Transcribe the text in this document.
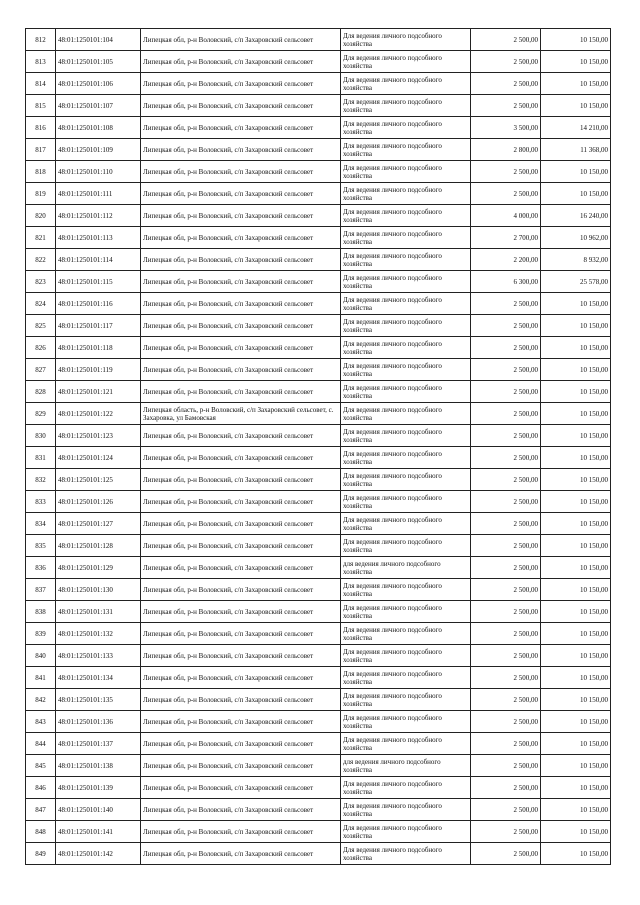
812	48:01:1250101:104	Липецкая обл, р-н Воловский, с/п Захаровский сельсовет	Для ведения личного подсобного хозяйства	2 500,00	10 150,00
813	48:01:1250101:105	Липецкая обл, р-н Воловский, с/п Захаровский сельсовет	Для ведения личного подсобного хозяйства	2 500,00	10 150,00
814	48:01:1250101:106	Липецкая обл, р-н Воловский, с/п Захаровский сельсовет	Для ведения личного подсобного хозяйства	2 500,00	10 150,00
815	48:01:1250101:107	Липецкая обл, р-н Воловский, с/п Захаровский сельсовет	Для ведения личного подсобного хозяйства	2 500,00	10 150,00
816	48:01:1250101:108	Липецкая обл, р-н Воловский, с/п Захаровский сельсовет	Для ведения личного подсобного хозяйства	3 500,00	14 210,00
817	48:01:1250101:109	Липецкая обл, р-н Воловский, с/п Захаровский сельсовет	Для ведения личного подсобного хозяйства	2 800,00	11 368,00
818	48:01:1250101:110	Липецкая обл, р-н Воловский, с/п Захаровский сельсовет	Для ведения личного подсобного хозяйства	2 500,00	10 150,00
819	48:01:1250101:111	Липецкая обл, р-н Воловский, с/п Захаровский сельсовет	Для ведения личного подсобного хозяйства	2 500,00	10 150,00
820	48:01:1250101:112	Липецкая обл, р-н Воловский, с/п Захаровский сельсовет	Для ведения личного подсобного хозяйства	4 000,00	16 240,00
821	48:01:1250101:113	Липецкая обл, р-н Воловский, с/п Захаровский сельсовет	Для ведения личного подсобного хозяйства	2 700,00	10 962,00
822	48:01:1250101:114	Липецкая обл, р-н Воловский, с/п Захаровский сельсовет	Для ведения личного подсобного хозяйства	2 200,00	8 932,00
823	48:01:1250101:115	Липецкая обл, р-н Воловский, с/п Захаровский сельсовет	Для ведения личного подсобного хозяйства	6 300,00	25 578,00
824	48:01:1250101:116	Липецкая обл, р-н Воловский, с/п Захаровский сельсовет	Для ведения личного подсобного хозяйства	2 500,00	10 150,00
825	48:01:1250101:117	Липецкая обл, р-н Воловский, с/п Захаровский сельсовет	Для ведения личного подсобного хозяйства	2 500,00	10 150,00
826	48:01:1250101:118	Липецкая обл, р-н Воловский, с/п Захаровский сельсовет	Для ведения личного подсобного хозяйства	2 500,00	10 150,00
827	48:01:1250101:119	Липецкая обл, р-н Воловский, с/п Захаровский сельсовет	Для ведения личного подсобного хозяйства	2 500,00	10 150,00
828	48:01:1250101:121	Липецкая обл, р-н Воловский, с/п Захаровский сельсовет	Для ведения личного подсобного хозяйства	2 500,00	10 150,00
829	48:01:1250101:122	Липецкая область, р-н Воловский, с/п Захаровский сельсовет, с. Захаровка, ул Бамовская	Для ведения личного подсобного хозяйства	2 500,00	10 150,00
830	48:01:1250101:123	Липецкая обл, р-н Воловский, с/п Захаровский сельсовет	Для ведения личного подсобного хозяйства	2 500,00	10 150,00
831	48:01:1250101:124	Липецкая обл, р-н Воловский, с/п Захаровский сельсовет	Для ведения личного подсобного хозяйства	2 500,00	10 150,00
832	48:01:1250101:125	Липецкая обл, р-н Воловский, с/п Захаровский сельсовет	Для ведения личного подсобного хозяйства	2 500,00	10 150,00
833	48:01:1250101:126	Липецкая обл, р-н Воловский, с/п Захаровский сельсовет	Для ведения личного подсобного хозяйства	2 500,00	10 150,00
834	48:01:1250101:127	Липецкая обл, р-н Воловский, с/п Захаровский сельсовет	Для ведения личного подсобного хозяйства	2 500,00	10 150,00
835	48:01:1250101:128	Липецкая обл, р-н Воловский, с/п Захаровский сельсовет	Для ведения личного подсобного хозяйства	2 500,00	10 150,00
836	48:01:1250101:129	Липецкая обл, р-н Воловский, с/п Захаровский сельсовет	для ведения личного подсобного хозяйства	2 500,00	10 150,00
837	48:01:1250101:130	Липецкая обл, р-н Воловский, с/п Захаровский сельсовет	Для ведения личного подсобного хозяйства	2 500,00	10 150,00
838	48:01:1250101:131	Липецкая обл, р-н Воловский, с/п Захаровский сельсовет	Для ведения личного подсобного хозяйства	2 500,00	10 150,00
839	48:01:1250101:132	Липецкая обл, р-н Воловский, с/п Захаровский сельсовет	Для ведения личного подсобного хозяйства	2 500,00	10 150,00
840	48:01:1250101:133	Липецкая обл, р-н Воловский, с/п Захаровский сельсовет	Для ведения личного подсобного хозяйства	2 500,00	10 150,00
841	48:01:1250101:134	Липецкая обл, р-н Воловский, с/п Захаровский сельсовет	Для ведения личного подсобного хозяйства	2 500,00	10 150,00
842	48:01:1250101:135	Липецкая обл, р-н Воловский, с/п Захаровский сельсовет	Для ведения личного подсобного хозяйства	2 500,00	10 150,00
843	48:01:1250101:136	Липецкая обл, р-н Воловский, с/п Захаровский сельсовет	Для ведения личного подсобного хозяйства	2 500,00	10 150,00
844	48:01:1250101:137	Липецкая обл, р-н Воловский, с/п Захаровский сельсовет	Для ведения личного подсобного хозяйства	2 500,00	10 150,00
845	48:01:1250101:138	Липецкая обл, р-н Воловский, с/п Захаровский сельсовет	для ведения личного подсобного хозяйства	2 500,00	10 150,00
846	48:01:1250101:139	Липецкая обл, р-н Воловский, с/п Захаровский сельсовет	Для ведения личного подсобного хозяйства	2 500,00	10 150,00
847	48:01:1250101:140	Липецкая обл, р-н Воловский, с/п Захаровский сельсовет	Для ведения личного подсобного хозяйства	2 500,00	10 150,00
848	48:01:1250101:141	Липецкая обл, р-н Воловский, с/п Захаровский сельсовет	Для ведения личного подсобного хозяйства	2 500,00	10 150,00
849	48:01:1250101:142	Липецкая обл, р-н Воловский, с/п Захаровский сельсовет	Для ведения личного подсобного хозяйства	2 500,00	10 150,00
